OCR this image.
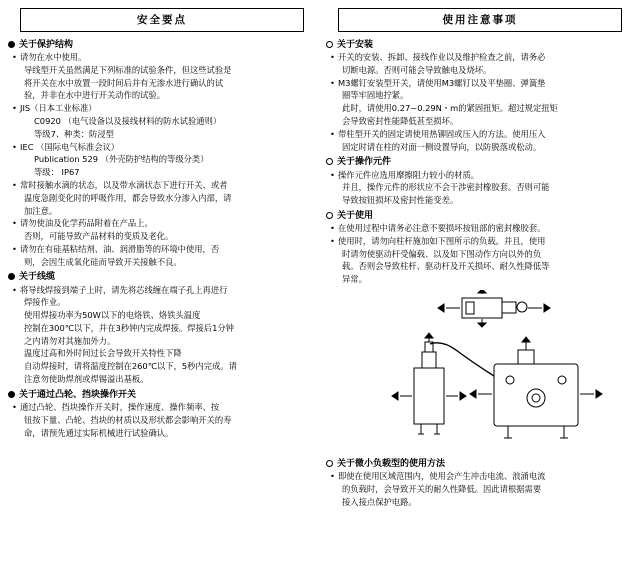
安全要点
关于保护结构
• 请勿在水中使用。
导线型开关虽然满足下列标准的试验条件，但这些试验是
将开关在水中放置一段时间后并有无渗水进行确认的试
验，并非在水中进行开关动作的试验。
• JIS（日本工业标准）
C0920 （电气设备以及接线材料的防水试验通则）
等级7、种类：防浸型
• IEC （国际电气标准会议）
Publication 529 （外壳防护结构的等级分类）
等级： IP67
• 常时接触水滴的状态，以及带水滴状态下进行开关、或者
温度急剧变化时的呼吸作用，都会导致水分渗入内部，请
加注意。
• 请勿使油及化学药品附着在产品上。
否则，可能导致产品材料的变质及老化。
• 请勿在有硅基粘结剂、油、润滑脂等的环境中使用，否
则，会因生成氧化硅而导致开关接触不良。
关于线缆
• 将导线焊接到端子上时，请先将芯线缠在端子孔上再进行
焊接作业。
使用焊接功率为50W以下的电烙铁、烙铁头温度
控制在300℃以下，并在3秒钟内完成焊接。焊接后1分钟
之内请勿对其施加外力。
温度过高和外时间过长会导致开关特性下降
自动焊接时，请将温度控制在260℃以下，5秒内完成。请
注意勿使助焊剂或焊锡溢出基板。
关于通过凸轮、挡块操作开关
• 通过凸轮、挡块操作开关时，操作速度、操作频率、按
钮按下量、凸轮、挡块的材质以及形状都会影响开关的寿
命，请预先通过实际机械进行试验确认。
使用注意事项
关于安装
• 开关的安装、拆卸、接线作业以及维护检查之前，请务必
切断电源。否则可能会导致触电及烧坏。
• M3螺钉安装型开关，请使用M3螺钉以及平垫圈、弹簧垫
圈等牢固地拧紧。
此时，请使用0.27~0.29N・m的紧固扭矩。超过规定扭矩
会导致密封性能降低甚至损坏。
• 带柱型开关的固定请使用热铆固或压入的方法。使用压入
固定时请在柱的对面一侧设置导向，以防脱落或松动。
关于操作元件
• 操作元件应选用摩擦阻力较小的材质。
并且，操作元件的形状应不会干涉密封橡胶套。否则可能
导致按钮损坏及密封性能变差。
关于使用
• 在使用过程中请务必注意不要损坏按钮部的密封橡胶套。
• 使用时，请勿向柱杆施加如下图所示的负载。并且，使用
时请勿使驱动杆受偏载、以及如下图动作方向以外的负
载。否则会导致柱杆、驱动杆及开关损坏、耐久性降低等
异常。
关于微小负载型的使用方法
• 即使在使用区域范围内，使用会产生冲击电流、浪涌电流
的负载时，会导致开关的耐久性降低。因此请根据需要
接入接点保护电路。
